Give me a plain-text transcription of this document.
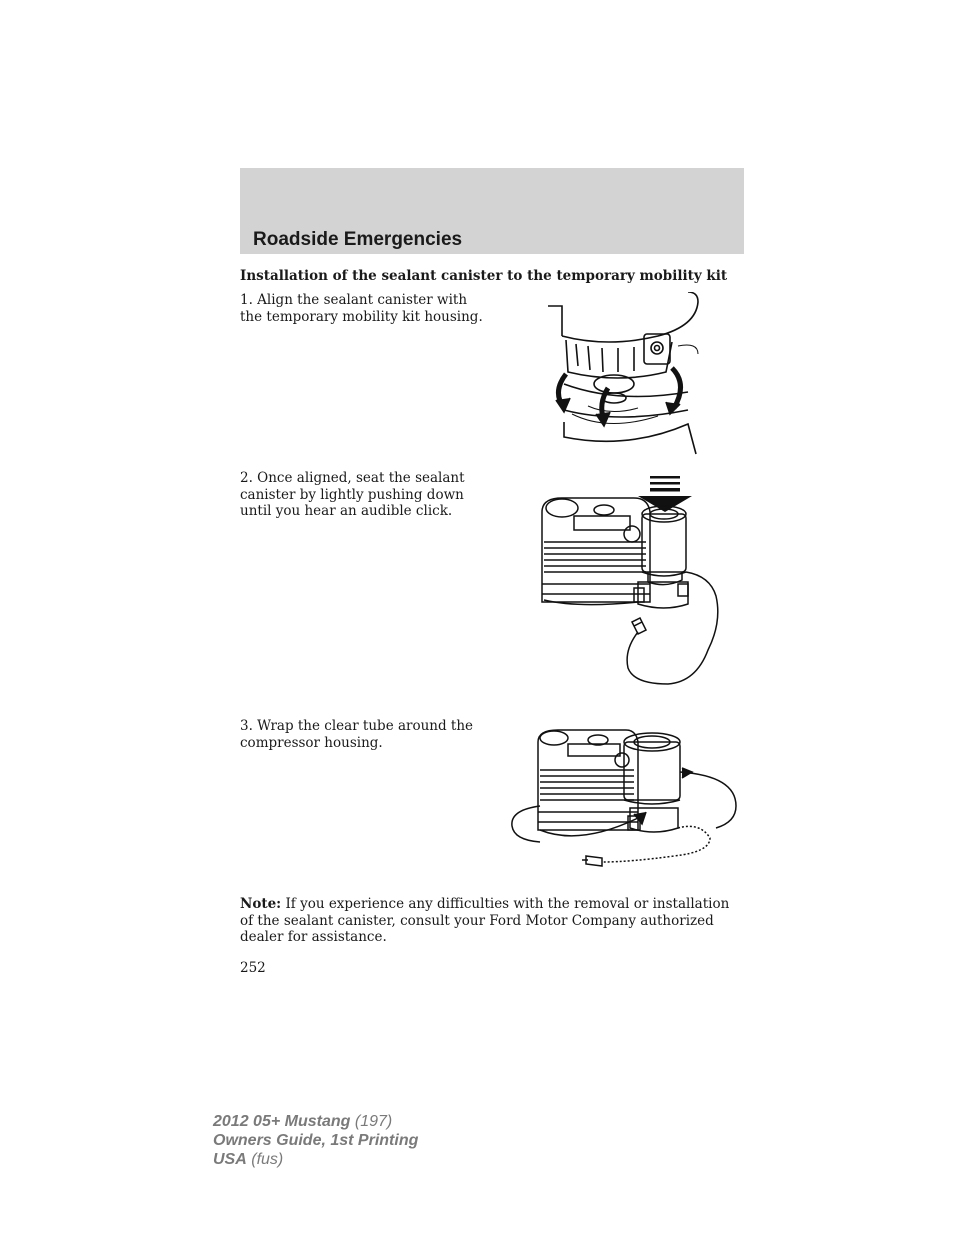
Roadside Emergencies
Installation of the sealant canister to the temporary mobility kit
1. Align the sealant canister with the temporary mobility kit housing.
2. Once aligned, seat the sealant canister by lightly pushing down until you hear an audible click.
3. Wrap the clear tube around the compressor housing.
Note: If you experience any difficulties with the removal or installation of the sealant canister, consult your Ford Motor Company authorized dealer for assistance.
252
2012 05+ Mustang (197)
Owners Guide, 1st Printing
USA (fus)
